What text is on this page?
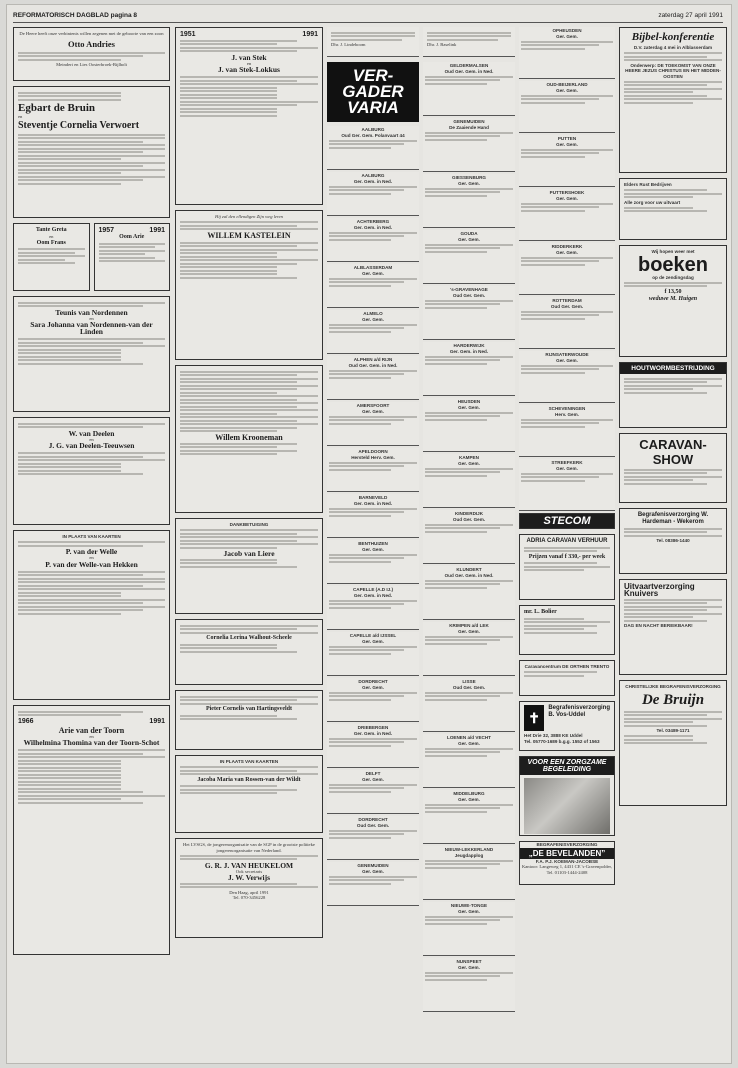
REFORMATORISCH DAGBLAD pagina 8	zaterdag 27 april 1991
De Heere heeft onze verbintenis willen zegenen met de geboorte van een zoon
Otto Andries
Meindert en Lies Oosterbroek-Bijlholt
Egbart de Bruin
en
Steventje Cornelia Verwoert
Tante Greta
en
Oom Frans
1957	1991
Oom Arie
Teunis van Nordennen
en
Sara Johanna van Nordennen-van der Linden
W. van Deelen
en
J. G. van Deelen-Teeuwsen
IN PLAATS VAN KAARTEN
P. van der Welle
en
P. van der Welle-van Hekken
1966	1991
Arie van der Toorn
en
Wilhelmina Thomina van der Toorn-Schot
1951	1991
J. van Stek
en
J. van Stek-Lokkus
Hij zal den ellendigen Zijn weg leren
WILLEM KASTELEIN
Willem Krooneman
DANKBETUIGING
Jacob van Liere
Cornelia Lerina Walhout-Scheele
Pieter Cornelis van Hartingsveldt
IN PLAATS VAN KAARTEN
Jacoba Maria van Rossen-van der Wildt
Het LVSGS, de jongerenorganisatie van de SGP in de grootste politieke jongerenorganisatie van Nederland.
G. R. J. VAN HEUKELOM
Ook secretaris
J. W. Verwijs
Den Haag, april 1991
Tel. 070-3456228
Dhr. J. Lindeboom
VER-GADER VARIA
AALBURG
Oud Ger. Gem. Polanvaart 44
AALBURG
Ger. Gem. in Ned.
ACHTERBERG
Ger. Gem. in Ned.
ALBLASSERDAM
Ger. Gem.
ALMELO
Ger. Gem.
ALPHEN a/d RIJN
Oud Ger. Gem. in Ned.
AMERSFOORT
Ger. Gem.
APELDOORN
Hersteld Herv. Gem.
BARNEVELD
Ger. Gem. in Ned.
BENTHUIZEN
Ger. Gem.
CAPELLE (A.D IJ.)
Ger. Gem. in Ned.
CAPELLE a/d IJSSEL
Ger. Gem.
DORDRECHT
Ger. Gem.
DRIEBERGEN
Ger. Gem. in Ned.
DELFT
Ger. Gem.
DORDRECHT
Oud Ger. Gem.
GENEMUIDEN
Ger. Gem.
Dhr. J. Baselink
GELDERMALSEN
Oud Ger. Gem. in Ned.
GENEMUIDEN
De Zaaiende Hand
GIESSENBURG
Ger. Gem.
GOUDA
Ger. Gem.
's-GRAVENHAGE
Oud Ger. Gem.
HARDERWIJK
Ger. Gem. in Ned.
HEUSDEN
Ger. Gem.
KAMPEN
Ger. Gem.
KINDERDIJK
Oud Ger. Gem.
KLUNDERT
Oud Ger. Gem. in Ned.
KRIMPEN a/d LEK
Ger. Gem.
LISSE
Oud Ger. Gem.
LOENEN a/d VECHT
Ger. Gem.
MIDDELBURG
Ger. Gem.
NIEUW-LEKKERLAND
Jeugdapplog
NIEUWE-TONGE
Ger. Gem.
NUNSPEET
Ger. Gem.
OPHEUSDEN
Ger. Gem.
OUD-BEIJERLAND
Ger. Gem.
PUTTEN
Ger. Gem.
PUTTERSHOEK
Ger. Gem.
RIDDERKERK
Ger. Gem.
ROTTERDAM
Oud Ger. Gem.
RIJNSATERWOUDE
Ger. Gem.
SCHEVENINGEN
Herv. Gem.
STREEFKERK
Ger. Gem.
STECOM
ADRIA CARAVAN VERHUUR
Prijzen vanaf f 330,- per week
mr. L. Bolier
Caravancentrum DE ORTHEN TRENTO
✝
Begrafenisverzorging B. Vos-Uddel
Het Drie 32, 3888 KE Uddel
Tel. 05770-1689 b.g.g. 1552 of 1563
VOOR EEN ZORGZAME BEGELEIDING
BEGRAFENISVERZORGING
„DE BEVELANDEN”
F.A. P.J. KOEMAN-JACOBSE
Kantoor: Langeweg 1, 4431 CE 's-Gravenpolder, Tel. 01103-1444-2408
Bijbel-konferentie
D.V. zaterdag 4 mei in Alblasserdam
Onderwerp: DE TOEKOMST VAN ONZE HEERE JEZUS CHRISTUS EN HET MIDDEN-OOSTEN
Elders Rust Bedrijven
Alle zorg voor uw uitvaart
Wij hopen weer met
boeken
op de zendingsdag
f 13,50
weduwe M. Huigen
HOUTWORMBESTRIJDING
CARAVAN-SHOW
Begrafenisverzorging W. Hardeman - Wekerom
Tel. 08386-1440
Uitvaartverzorging Knuivers
DAG EN NACHT BEREIKBAAR!
CHRISTELIJKE BEGRAFENISVERZORGING
De Bruijn
Tel. 03489-1171
